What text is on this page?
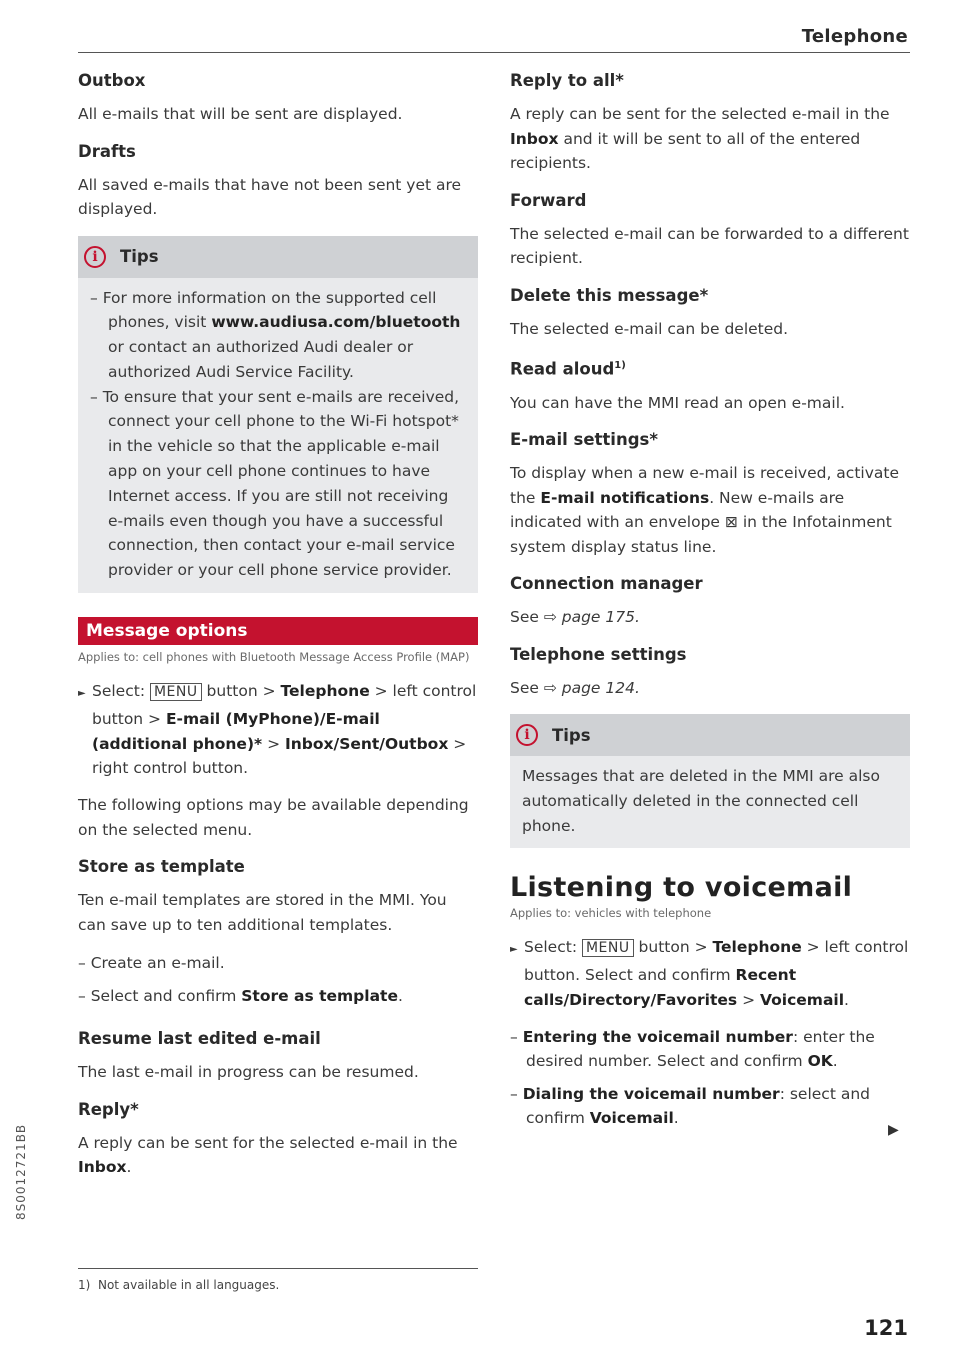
Telephone
Outbox

All e-mails that will be sent are displayed.

Drafts

All saved e-mails that have not been sent yet are displayed.

i	Tips

– For more information on the supported cell phones, visit www.audiusa.com/bluetooth or contact an authorized Audi dealer or authorized Audi Service Facility.

– To ensure that your sent e-mails are received, connect your cell phone to the Wi-Fi hotspot* in the vehicle so that the applicable e-mail app on your cell phone continues to have Internet access. If you are still not receiving e-mails even though you have a successful connection, then contact your e-mail service provider or your cell phone service provider.

Message options
Applies to: cell phones with Bluetooth Message Access Profile (MAP)

► Select: MENU button > Telephone > left control button > E-mail (MyPhone)/E-mail (additional phone)* > Inbox/Sent/Outbox > right control button.

The following options may be available depending on the selected menu.

Store as template

Ten e-mail templates are stored in the MMI. You can save up to ten additional templates.

– Create an e-mail.

– Select and confirm Store as template.

Resume last edited e-mail

The last e-mail in progress can be resumed.

Reply*

A reply can be sent for the selected e-mail in the Inbox.

1) Not available in all languages.
Reply to all*

A reply can be sent for the selected e-mail in the Inbox and it will be sent to all of the entered recipients.

Forward

The selected e-mail can be forwarded to a different recipient.

Delete this message*

The selected e-mail can be deleted.

Read aloud$^{1)}$

You can have the MMI read an open e-mail.

E-mail settings*

To display when a new e-mail is received, activate the E-mail notifications. New e-mails are indicated with an envelope ⊠ in the Infotainment system display status line.

Connection manager

See ⇨ page 175.

Telephone settings

See ⇨ page 124.

i	Tips

Messages that are deleted in the MMI are also automatically deleted in the connected cell phone.

Listening to voicemail
Applies to: vehicles with telephone

► Select: MENU button > Telephone > left control button. Select and confirm Recent calls/Directory/Favorites > Voicemail.

– Entering the voicemail number: enter the desired number. Select and confirm OK.

– Dialing the voicemail number: select and confirm Voicemail.

▶
121
8S0012721BB
